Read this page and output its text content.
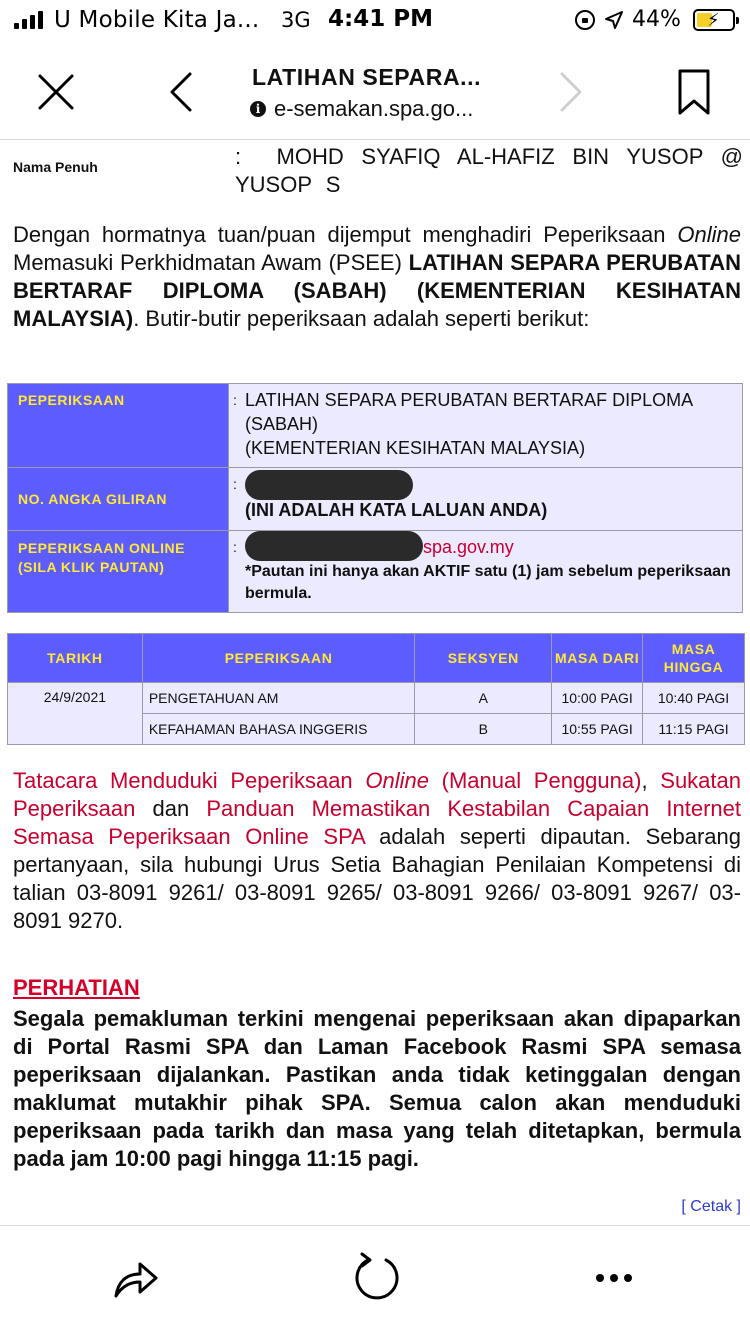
U Mobile Kita Ja... 3G 4:41 PM	44% ⚡
LATIHAN SEPARA...
i e-semakan.spa.go...
Nama Penuh	: MOHD SYAFIQ AL-HAFIZ BIN YUSOP @ YUSOP S

Dengan hormatnya tuan/puan dijemput menghadiri Peperiksaan Online Memasuki Perkhidmatan Awam (PSEE) LATIHAN SEPARA PERUBATAN BERTARAF DIPLOMA (SABAH) (KEMENTERIAN KESIHATAN MALAYSIA). Butir-butir peperiksaan adalah seperti berikut:

PEPERIKSAAN	: LATIHAN SEPARA PERUBATAN BERTARAF DIPLOMA (SABAH)
(KEMENTERIAN KESIHATAN MALAYSIA)

NO. ANGKA GILIRAN	:
(INI ADALAH KATA LALUAN ANDA)

PEPERIKSAAN ONLINE (SILA KLIK PAUTAN)	: spa.gov.my
*Pautan ini hanya akan AKTIF satu (1) jam sebelum peperiksaan bermula.
TARIKH	PEPERIKSAAN	SEKSYEN	MASA DARI	MASA HINGGA
24/9/2021	PENGETAHUAN AM	A	10:00 PAGI	10:40 PAGI
	KEFAHAMAN BAHASA INGGERIS	B	10:55 PAGI	11:15 PAGI

Tatacara Menduduki Peperiksaan Online (Manual Pengguna), Sukatan Peperiksaan dan Panduan Memastikan Kestabilan Capaian Internet Semasa Peperiksaan Online SPA adalah seperti dipautan. Sebarang pertanyaan, sila hubungi Urus Setia Bahagian Penilaian Kompetensi di talian 03-8091 9261/ 03-8091 9265/ 03-8091 9266/ 03-8091 9267/ 03-8091 9270.

PERHATIAN

Segala pemakluman terkini mengenai peperiksaan akan dipaparkan di Portal Rasmi SPA dan Laman Facebook Rasmi SPA semasa peperiksaan dijalankan. Pastikan anda tidak ketinggalan dengan maklumat mutakhir pihak SPA. Semua calon akan menduduki peperiksaan pada tarikh dan masa yang telah ditetapkan, bermula pada jam 10:00 pagi hingga 11:15 pagi.

[ Cetak ]
